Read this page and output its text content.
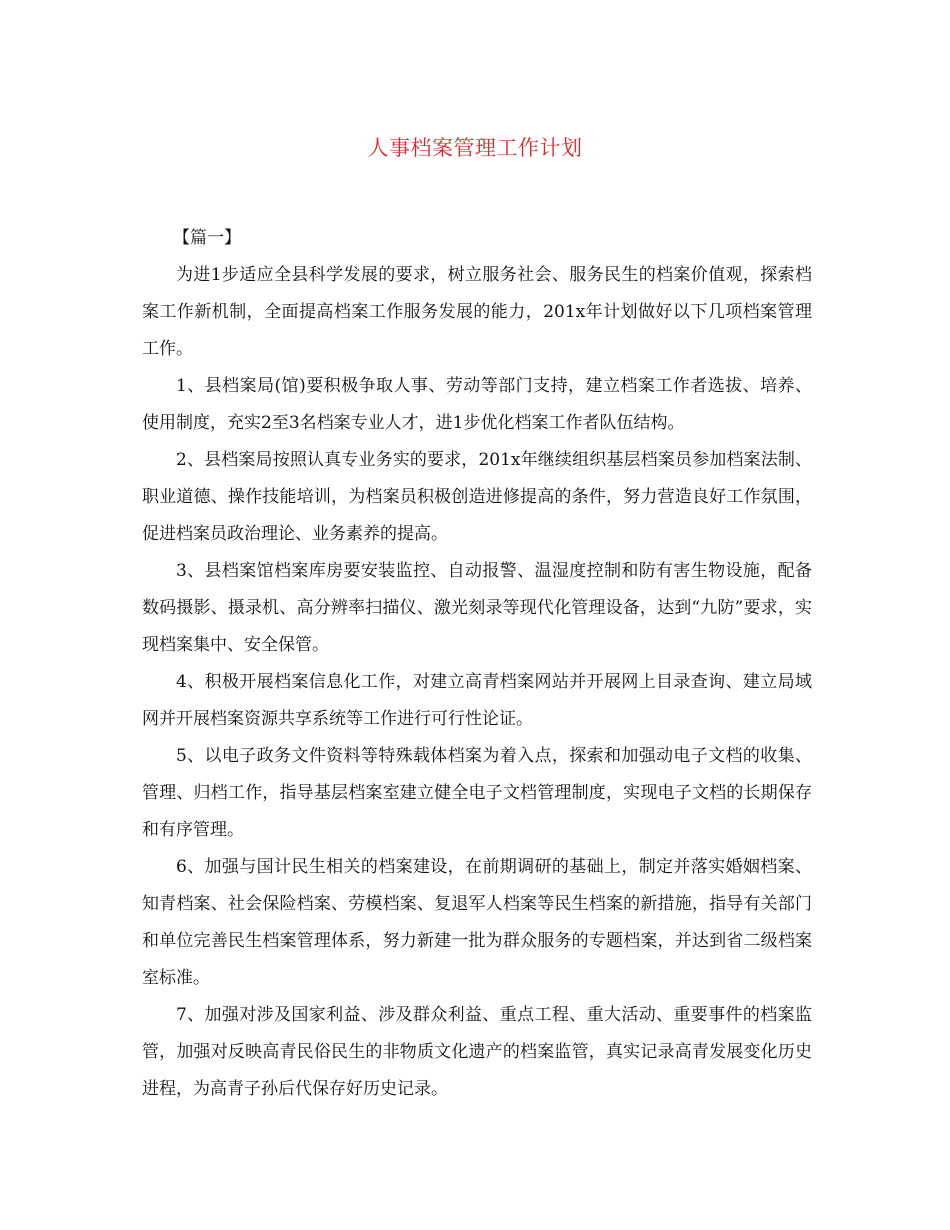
人事档案管理工作计划

【篇一】

为进1步适应全县科学发展的要求，树立服务社会、服务民生的档案价值观，探索档案工作新机制，全面提高档案工作服务发展的能力，201x年计划做好以下几项档案管理工作。

1、县档案局(馆)要积极争取人事、劳动等部门支持，建立档案工作者选拔、培养、使用制度，充实2至3名档案专业人才，进1步优化档案工作者队伍结构。

2、县档案局按照认真专业务实的要求，201x年继续组织基层档案员参加档案法制、职业道德、操作技能培训，为档案员积极创造进修提高的条件，努力营造良好工作氛围，促进档案员政治理论、业务素养的提高。

3、县档案馆档案库房要安装监控、自动报警、温湿度控制和防有害生物设施，配备数码摄影、摄录机、高分辨率扫描仪、激光刻录等现代化管理设备，达到“九防”要求，实现档案集中、安全保管。

4、积极开展档案信息化工作，对建立高青档案网站并开展网上目录查询、建立局域网并开展档案资源共享系统等工作进行可行性论证。

5、以电子政务文件资料等特殊载体档案为着入点，探索和加强动电子文档的收集、管理、归档工作，指导基层档案室建立健全电子文档管理制度，实现电子文档的长期保存和有序管理。

6、加强与国计民生相关的档案建设，在前期调研的基础上，制定并落实婚姻档案、知青档案、社会保险档案、劳模档案、复退军人档案等民生档案的新措施，指导有关部门和单位完善民生档案管理体系，努力新建一批为群众服务的专题档案，并达到省二级档案室标准。

7、加强对涉及国家利益、涉及群众利益、重点工程、重大活动、重要事件的档案监管，加强对反映高青民俗民生的非物质文化遗产的档案监管，真实记录高青发展变化历史进程，为高青子孙后代保存好历史记录。
